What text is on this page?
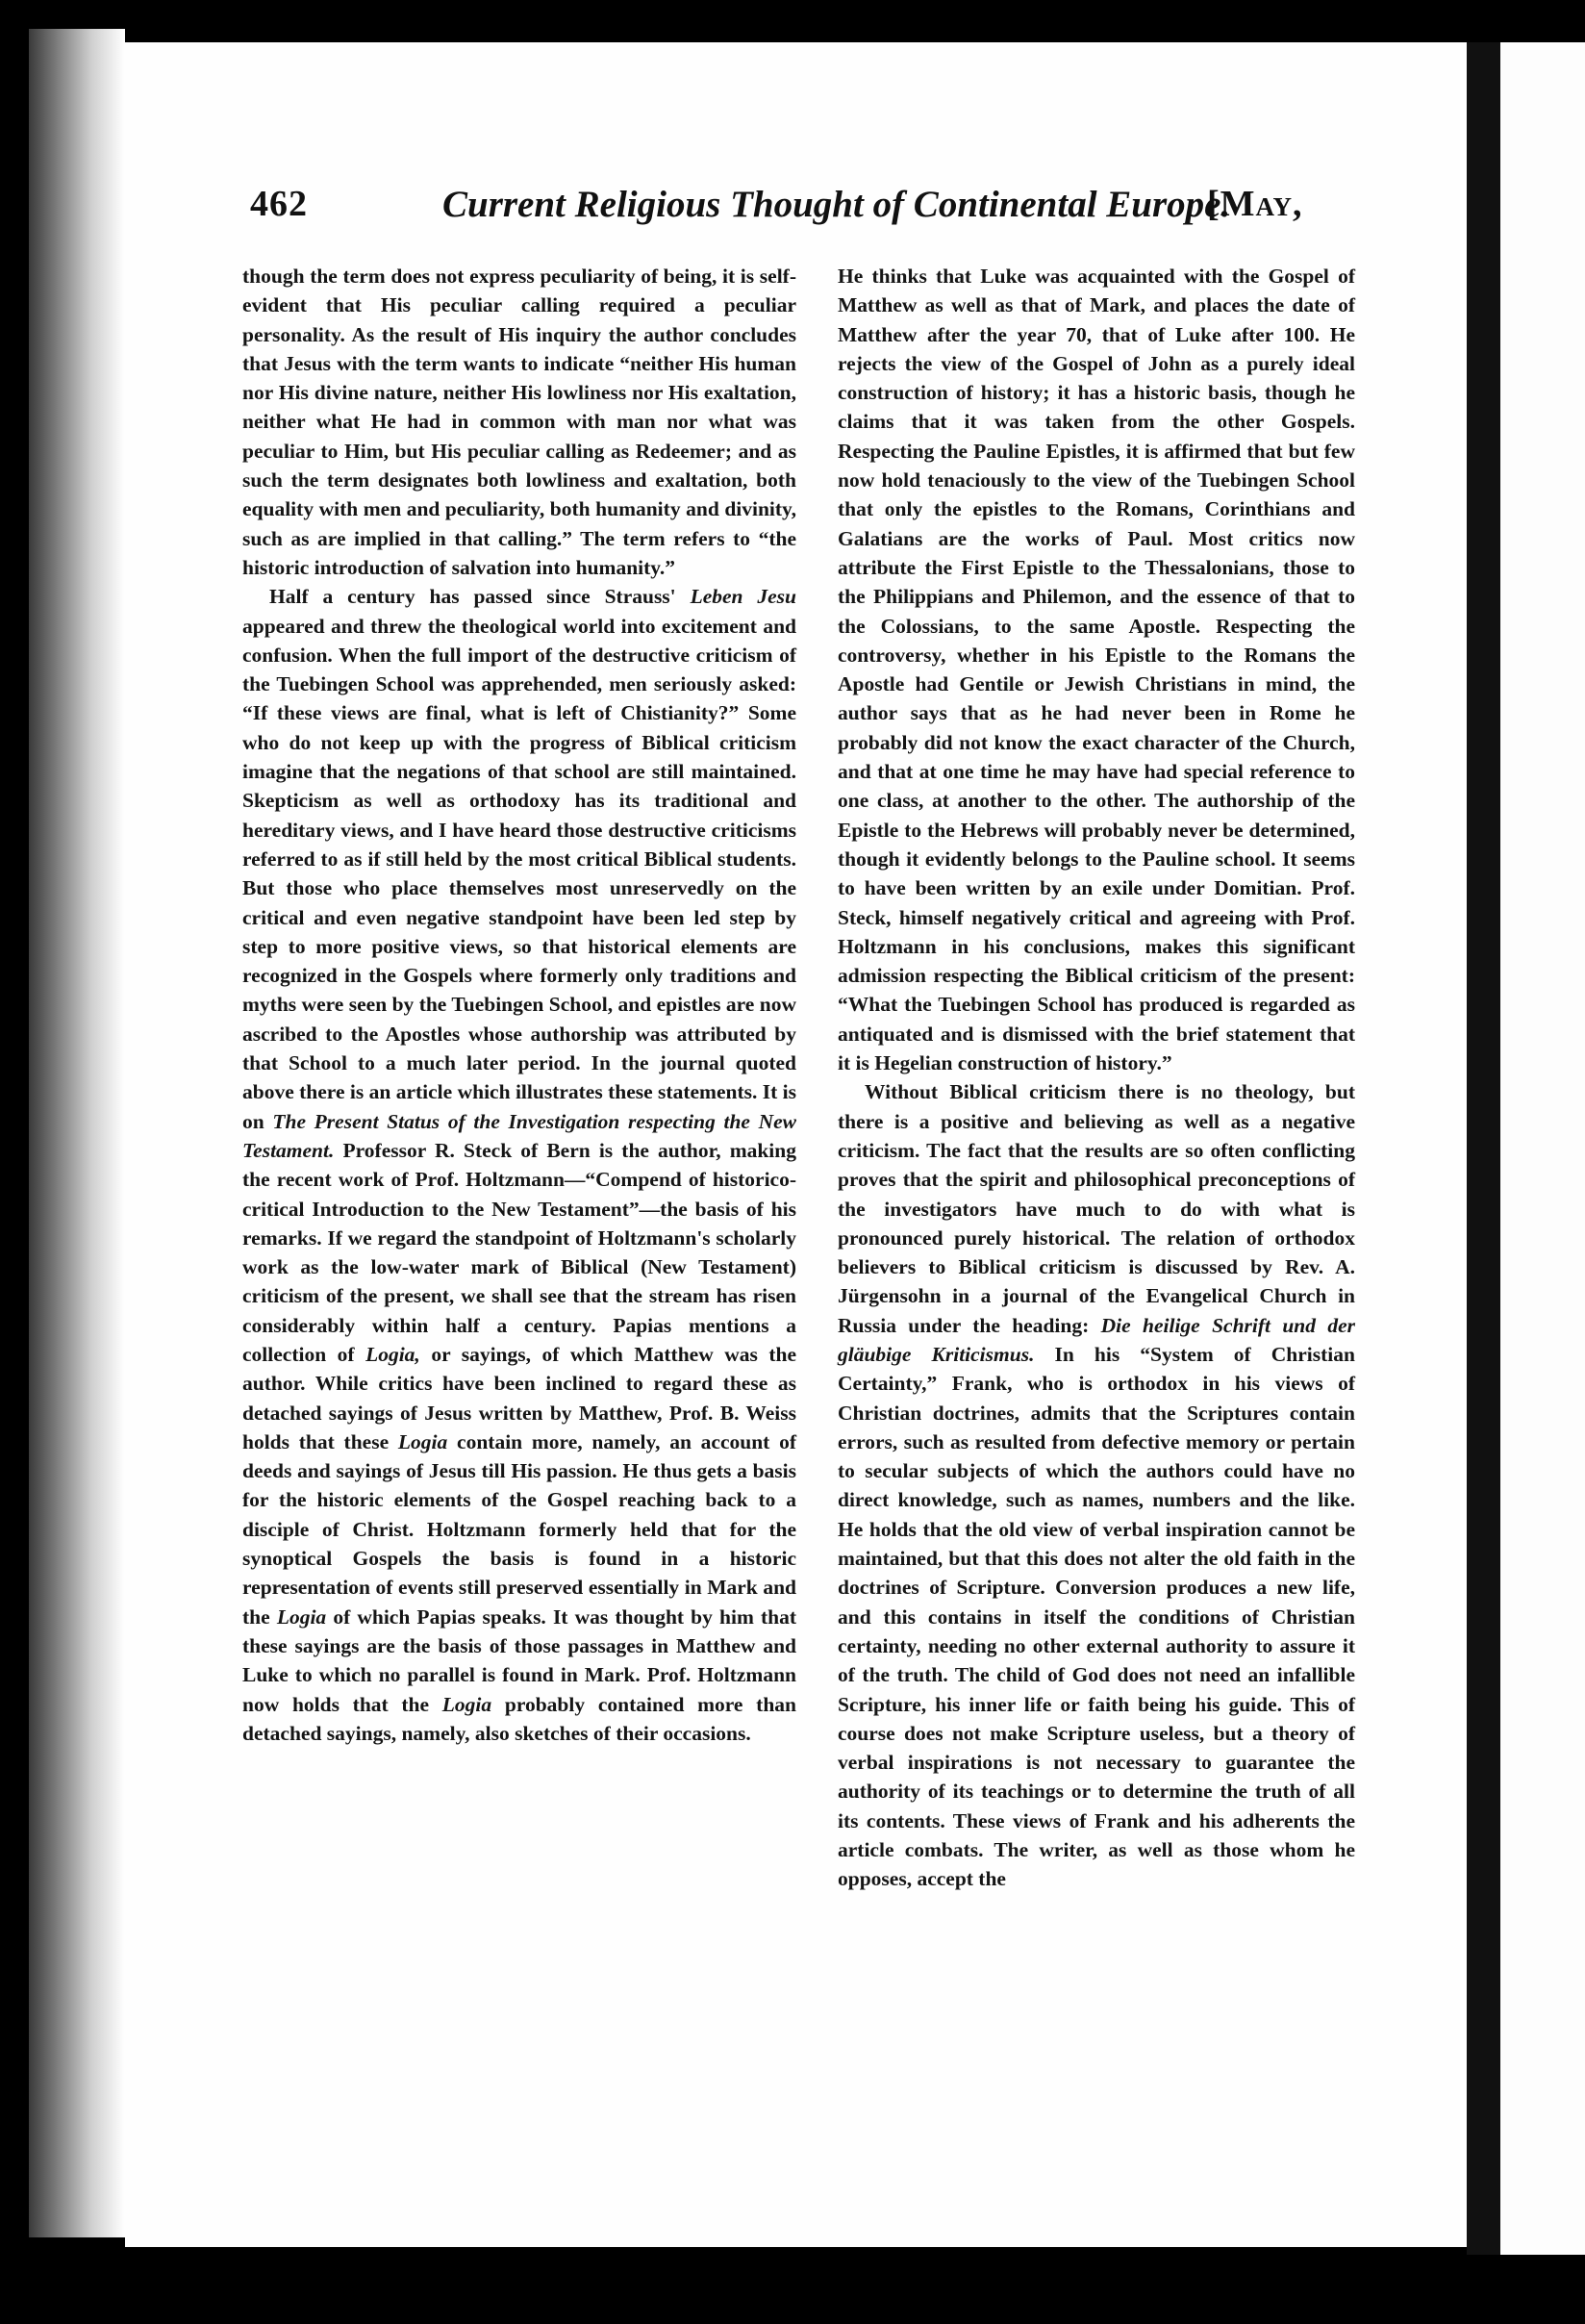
462	Current Religious Thought of Continental Europe.
[May,

though the term does not express peculiarity of being, it is self-evident that His peculiar calling required a peculiar personality. As the result of His inquiry the author concludes that Jesus with the term wants to indicate “neither His human nor His divine nature, neither His lowliness nor His exaltation, neither what He had in common with man nor what was peculiar to Him, but His peculiar calling as Redeemer; and as such the term designates both lowliness and exaltation, both equality with men and peculiarity, both humanity and divinity, such as are implied in that calling.” The term refers to “the historic introduction of salvation into humanity.”

Half a century has passed since Strauss' Leben Jesu appeared and threw the theological world into excitement and confusion. When the full import of the destructive criticism of the Tuebingen School was apprehended, men seriously asked: “If these views are final, what is left of Chistianity?” Some who do not keep up with the progress of Biblical criticism imagine that the negations of that school are still maintained. Skepticism as well as orthodoxy has its traditional and hereditary views, and I have heard those destructive criticisms referred to as if still held by the most critical Biblical students. But those who place themselves most unreservedly on the critical and even negative standpoint have been led step by step to more positive views, so that historical elements are recognized in the Gospels where formerly only traditions and myths were seen by the Tuebingen School, and epistles are now ascribed to the Apostles whose authorship was attributed by that School to a much later period. In the journal quoted above there is an article which illustrates these statements. It is on The Present Status of the Investigation respecting the New Testament. Professor R. Steck of Bern is the author, making the recent work of Prof. Holtzmann—“Compend of historico-critical Introduction to the New Testament”—the basis of his remarks. If we regard the standpoint of Holtzmann's scholarly work as the low-water mark of Biblical (New Testament) criticism of the present, we shall see that the stream has risen considerably within half a century. Papias mentions a collection of Logia, or sayings, of which Matthew was the author. While critics have been inclined to regard these as detached sayings of Jesus written by Matthew, Prof. B. Weiss holds that these Logia contain more, namely, an account of deeds and sayings of Jesus till His passion. He thus gets a basis for the historic elements of the Gospel reaching back to a disciple of Christ. Holtzmann formerly held that for the synoptical Gospels the basis is found in a historic representation of events still preserved essentially in Mark and the Logia of which Papias speaks. It was thought by him that these sayings are the basis of those passages in Matthew and Luke to which no parallel is found in Mark. Prof. Holtzmann now holds that the Logia probably contained more than detached sayings, namely, also sketches of their occasions.

He thinks that Luke was acquainted with the Gospel of Matthew as well as that of Mark, and places the date of Matthew after the year 70, that of Luke after 100. He rejects the view of the Gospel of John as a purely ideal construction of history; it has a historic basis, though he claims that it was taken from the other Gospels. Respecting the Pauline Epistles, it is affirmed that but few now hold tenaciously to the view of the Tuebingen School that only the epistles to the Romans, Corinthians and Galatians are the works of Paul. Most critics now attribute the First Epistle to the Thessalonians, those to the Philippians and Philemon, and the essence of that to the Colossians, to the same Apostle. Respecting the controversy, whether in his Epistle to the Romans the Apostle had Gentile or Jewish Christians in mind, the author says that as he had never been in Rome he probably did not know the exact character of the Church, and that at one time he may have had special reference to one class, at another to the other. The authorship of the Epistle to the Hebrews will probably never be determined, though it evidently belongs to the Pauline school. It seems to have been written by an exile under Domitian. Prof. Steck, himself negatively critical and agreeing with Prof. Holtzmann in his conclusions, makes this significant admission respecting the Biblical criticism of the present: “What the Tuebingen School has produced is regarded as antiquated and is dismissed with the brief statement that it is Hegelian construction of history.”

Without Biblical criticism there is no theology, but there is a positive and believing as well as a negative criticism. The fact that the results are so often conflicting proves that the spirit and philosophical preconceptions of the investigators have much to do with what is pronounced purely historical. The relation of orthodox believers to Biblical criticism is discussed by Rev. A. Jürgensohn in a journal of the Evangelical Church in Russia under the heading: Die heilige Schrift und der gläubige Kriticismus. In his “System of Christian Certainty,” Frank, who is orthodox in his views of Christian doctrines, admits that the Scriptures contain errors, such as resulted from defective memory or pertain to secular subjects of which the authors could have no direct knowledge, such as names, numbers and the like. He holds that the old view of verbal inspiration cannot be maintained, but that this does not alter the old faith in the doctrines of Scripture. Conversion produces a new life, and this contains in itself the conditions of Christian certainty, needing no other external authority to assure it of the truth. The child of God does not need an infallible Scripture, his inner life or faith being his guide. This of course does not make Scripture useless, but a theory of verbal inspirations is not necessary to guarantee the authority of its teachings or to determine the truth of all its contents. These views of Frank and his adherents the article combats. The writer, as well as those whom he opposes, accept the
